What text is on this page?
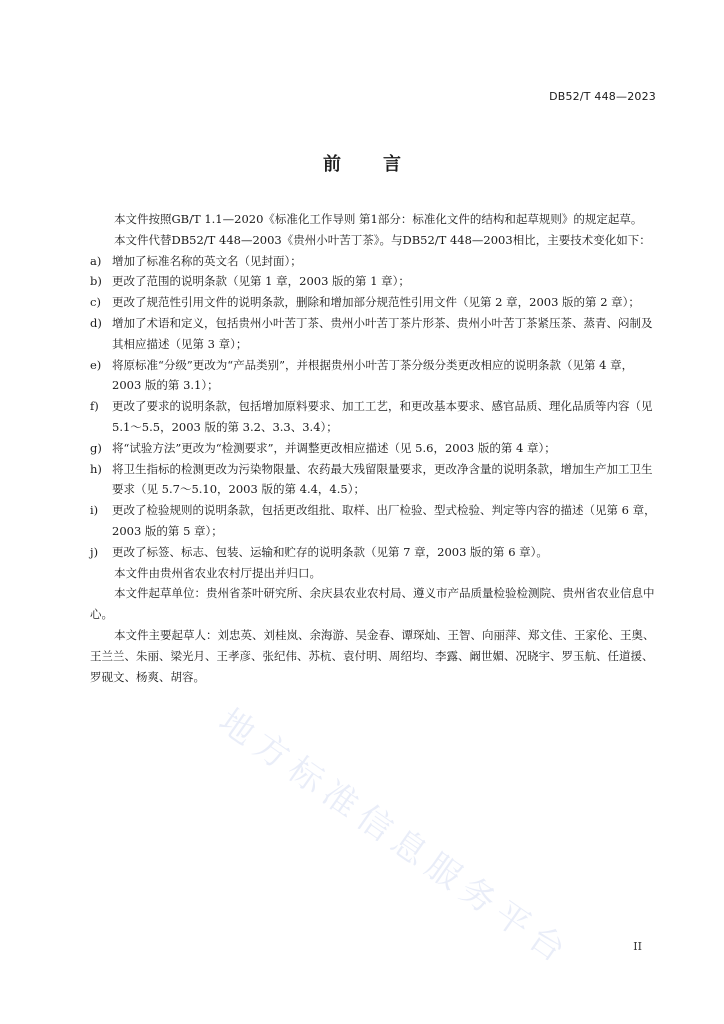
DB52/T 448—2023
前言

本文件按照GB/T 1.1—2020《标准化工作导则 第1部分：标准化文件的结构和起草规则》的规定起草。

本文件代替DB52/T 448—2003《贵州小叶苦丁茶》。与DB52/T 448—2003相比，主要技术变化如下：

a) 增加了标准名称的英文名（见封面）；

b) 更改了范围的说明条款（见第 1 章，2003 版的第 1 章）；

c) 更改了规范性引用文件的说明条款，删除和增加部分规范性引用文件（见第 2 章，2003 版的第 2 章）；

d) 增加了术语和定义，包括贵州小叶苦丁茶、贵州小叶苦丁茶片形茶、贵州小叶苦丁茶紧压茶、蒸青、闷制及其相应描述（见第 3 章）；

e) 将原标准“分级”更改为“产品类别”，并根据贵州小叶苦丁茶分级分类更改相应的说明条款（见第 4 章，2003 版的第 3.1）；

f) 更改了要求的说明条款，包括增加原料要求、加工工艺，和更改基本要求、感官品质、理化品质等内容（见 5.1～5.5，2003 版的第 3.2、3.3、3.4）；

g) 将“试验方法”更改为“检测要求”，并调整更改相应描述（见 5.6，2003 版的第 4 章）；

h) 将卫生指标的检测更改为污染物限量、农药最大残留限量要求，更改净含量的说明条款，增加生产加工卫生要求（见 5.7～5.10，2003 版的第 4.4，4.5）；

i) 更改了检验规则的说明条款，包括更改组批、取样、出厂检验、型式检验、判定等内容的描述（见第 6 章，2003 版的第 5 章）；

j) 更改了标签、标志、包装、运输和贮存的说明条款（见第 7 章，2003 版的第 6 章）。

本文件由贵州省农业农村厅提出并归口。

本文件起草单位：贵州省茶叶研究所、余庆县农业农村局、遵义市产品质量检验检测院、贵州省农业信息中心。

本文件主要起草人：刘忠英、刘桂岚、余海游、吴金春、谭琛灿、王智、向丽萍、郑文佳、王家伦、王奥、王兰兰、朱丽、梁光月、王孝彦、张纪伟、苏杭、袁付明、周绍均、李露、阚世媚、况晓宇、罗玉航、任道援、罗砚文、杨爽、胡容。

地方标准信息服务平台	II
